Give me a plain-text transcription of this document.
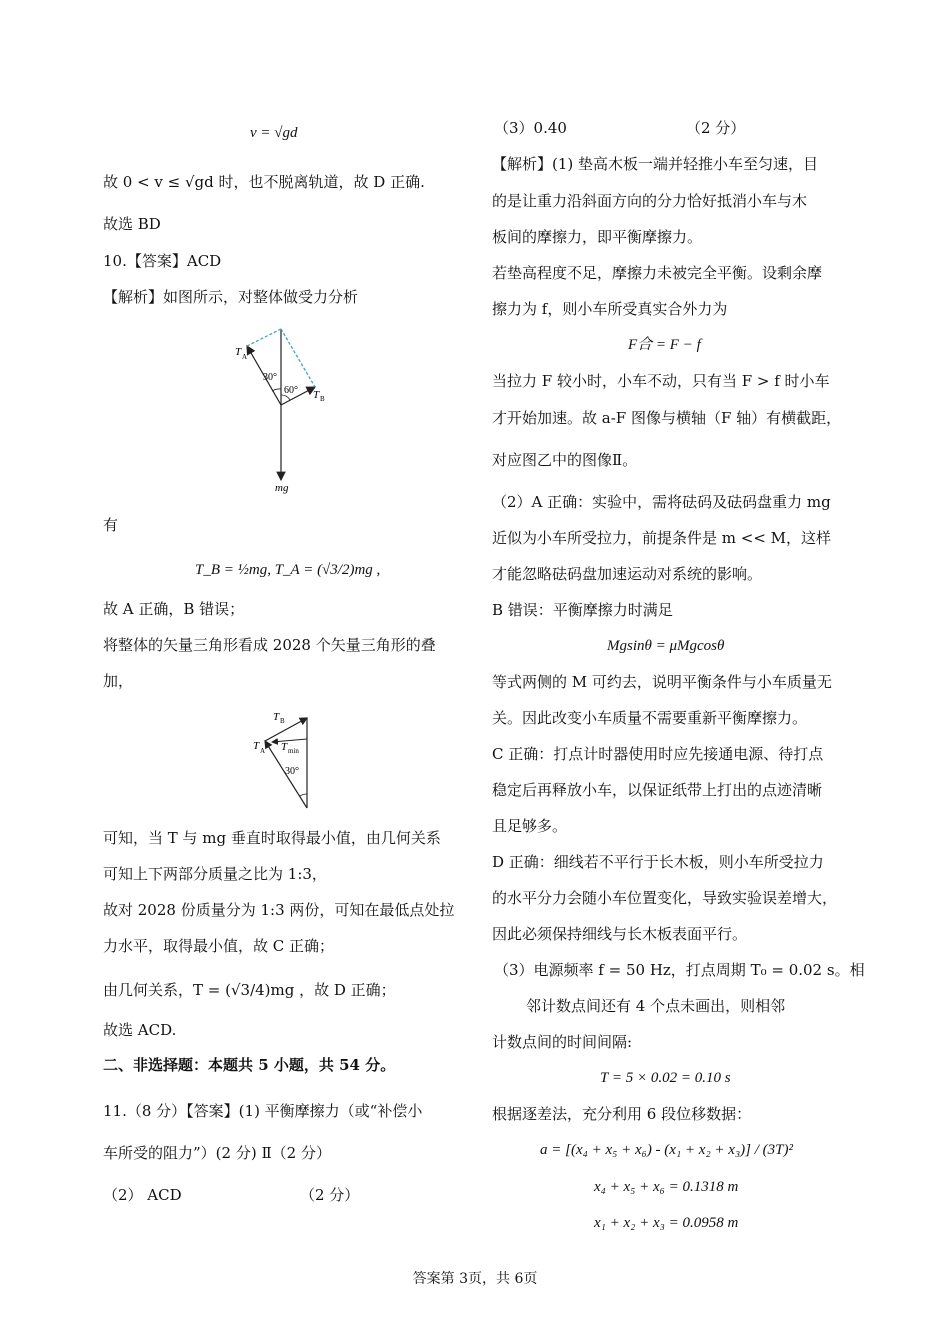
v = √gd
故 0 < v ≤ √gd 时，也不脱离轨道，故 D 正确.
故选 BD
10.【答案】ACD
【解析】如图所示，对整体做受力分析
T A
30°
60° T B
mg
有
T_B = ½mg, T_A = (√3/2)mg ,
故 A 正确，B 错误；
将整体的矢量三角形看成 2028 个矢量三角形的叠
加，
T B
T A T min
30°
可知，当 T 与 mg 垂直时取得最小值，由几何关系
可知上下两部分质量之比为 1:3，
故对 2028 份质量分为 1:3 两份，可知在最低点处拉
力水平，取得最小值，故 C 正确；
由几何关系，T = (√3/4)mg ，故 D 正确；
故选 ACD.
二、非选择题：本题共 5 小题，共 54 分。
11.（8 分）【答案】(1) 平衡摩擦力（或“补偿小
车所受的阻力”）(2 分) Ⅱ（2 分）
（2） ACD	（2 分）
（3）0.40	（2 分）
【解析】(1) 垫高木板一端并轻推小车至匀速，目
的是让重力沿斜面方向的分力恰好抵消小车与木
板间的摩擦力，即平衡摩擦力。
若垫高程度不足，摩擦力未被完全平衡。设剩余摩
擦力为 f，则小车所受真实合外力为
F合 = F − f
当拉力 F 较小时，小车不动，只有当 F > f 时小车
才开始加速。故 a-F 图像与横轴（F 轴）有横截距，
对应图乙中的图像Ⅱ。
（2）A 正确：实验中，需将砝码及砝码盘重力 mg
近似为小车所受拉力，前提条件是 m << M，这样
才能忽略砝码盘加速运动对系统的影响。
B 错误：平衡摩擦力时满足
Mgsinθ = μMgcosθ
等式两侧的 M 可约去，说明平衡条件与小车质量无
关。因此改变小车质量不需要重新平衡摩擦力。
C 正确：打点计时器使用时应先接通电源、待打点
稳定后再释放小车，以保证纸带上打出的点迹清晰
且足够多。
D 正确：细线若不平行于长木板，则小车所受拉力
的水平分力会随小车位置变化，导致实验误差增大，
因此必须保持细线与长木板表面平行。
（3）电源频率 f = 50 Hz，打点周期 T₀ = 0.02 s。相
邻计数点间还有 4 个点未画出，则相邻
计数点间的时间间隔:
T = 5 × 0.02 = 0.10 s
根据逐差法，充分利用 6 段位移数据：
a = [(x₄ + x₅ + x₆) - (x₁ + x₂ + x₃)] / (3T)²
x₄ + x₅ + x₆ = 0.1318 m
x₁ + x₂ + x₃ = 0.0958 m
答案第 3页，共 6页
